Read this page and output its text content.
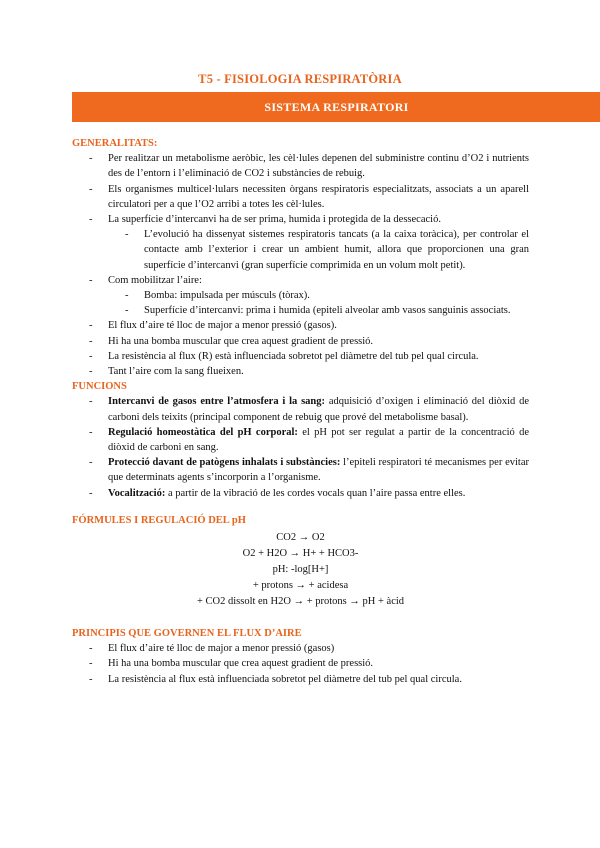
T5 - FISIOLOGIA RESPIRATÒRIA
SISTEMA RESPIRATORI
GENERALITATS:
- Per realitzar un metabolisme aeròbic, les cèl·lules depenen del subministre continu d’O2 i nutrients des de l’entorn i l’eliminació de CO2 i substàncies de rebuig.
- Els organismes multicel·lulars necessiten òrgans respiratoris especialitzats, associats a un aparell circulatori per a que l’O2 arribi a totes les cèl·lules.
- La superfície d’intercanvi ha de ser prima, humida i protegida de la dessecació.
- L’evolució ha dissenyat sistemes respiratoris tancats (a la caixa toràcica), per controlar el contacte amb l’exterior i crear un ambient humit, allora que proporcionen una gran superfície d’intercanvi (gran superfície comprimida en un volum molt petit).
- Com mobilitzar l’aire:
- Bomba: impulsada per músculs (tòrax).
- Superfície d’intercanvi: prima i humida (epiteli alveolar amb vasos sanguinis associats.
- El flux d’aire té lloc de major a menor pressió (gasos).
- Hi ha una bomba muscular que crea aquest gradient de pressió.
- La resistència al flux (R) està influenciada sobretot pel diàmetre del tub pel qual circula.
- Tant l’aire com la sang flueixen.
FUNCIONS
- Intercanvi de gasos entre l’atmosfera i la sang: adquisició d’oxigen i eliminació del diòxid de carboni dels teixits (principal component de rebuig que prové del metabolisme basal).
- Regulació homeostàtica del pH corporal: el pH pot ser regulat a partir de la concentració de diòxid de carboni en sang.
- Protecció davant de patògens inhalats i substàncies: l’epiteli respiratori té mecanismes per evitar que determinats agents s’incorporin a l’organisme.
- Vocalització: a partir de la vibració de les cordes vocals quan l’aire passa entre elles.
FÓRMULES I REGULACIÓ DEL pH
CO2 → O2
O2 + H2O → H+ + HCO3-
pH: -log[H+]
+ protons → + acidesa
+ CO2 dissolt en H2O → + protons → pH + àcid
PRINCIPIS QUE GOVERNEN EL FLUX D’AIRE
- El flux d’aire té lloc de major a menor pressió (gasos)
- Hi ha una bomba muscular que crea aquest gradient de pressió.
- La resistència al flux està influenciada sobretot pel diàmetre del tub pel qual circula.
